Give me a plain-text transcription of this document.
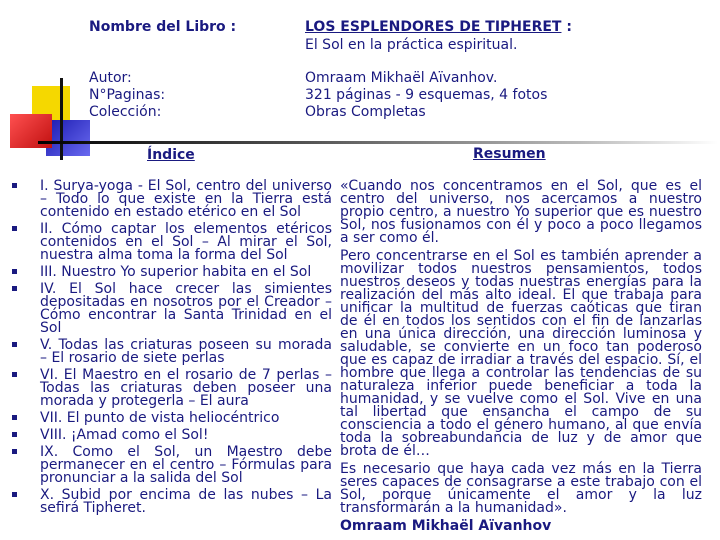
Nombre del Libro :	LOS ESPLENDORES DE TIPHERET :
El Sol en la práctica espiritual.
Autor:	Omraam Mikhaël Aïvanhov.
N°Paginas:	321 páginas - 9 esquemas, 4 fotos
Colección:	Obras Completas
Índice	Resumen
I. Surya-yoga - El Sol, centro del universo – Todo lo que existe en la Tierra está contenido en estado etérico en el Sol
II. Cómo captar los elementos etéricos contenidos en el Sol – Al mirar el Sol, nuestra alma toma la forma del Sol
III. Nuestro Yo superior habita en el Sol
IV. El Sol hace crecer las simientes depositadas en nosotros por el Creador – Cómo encontrar la Santa Trinidad en el Sol
V. Todas las criaturas poseen su morada – El rosario de siete perlas
VI. El Maestro en el rosario de 7 perlas – Todas las criaturas deben poseer una morada y protegerla – El aura
VII. El punto de vista heliocéntrico
VIII. ¡Amad como el Sol!
IX. Como el Sol, un Maestro debe permanecer en el centro – Fórmulas para pronunciar a la salida del Sol
X. Subid por encima de las nubes – La sefirá Tipheret.

«Cuando nos concentramos en el Sol, que es el centro del universo, nos acercamos a nuestro propio centro, a nuestro Yo superior que es nuestro Sol, nos fusionamos con él y poco a poco llegamos a ser como él.

Pero concentrarse en el Sol es también aprender a movilizar todos nuestros pensamientos, todos nuestros deseos y todas nuestras energías para la realización del más alto ideal. El que trabaja para unificar la multitud de fuerzas caóticas que tiran de él en todos los sentidos con el fin de lanzarlas en una única dirección, una dirección luminosa y saludable, se convierte en un foco tan poderoso que es capaz de irradiar a través del espacio. Sí, el hombre que llega a controlar las tendencias de su naturaleza inferior puede beneficiar a toda la humanidad, y se vuelve como el Sol. Vive en una tal libertad que ensancha el campo de su consciencia a todo el género humano, al que envía toda la sobreabundancia de luz y de amor que brota de él…

Es necesario que haya cada vez más en la Tierra seres capaces de consagrarse a este trabajo con el Sol, porque únicamente el amor y la luz transformarán a la humanidad».

Omraam Mikhaël Aïvanhov
